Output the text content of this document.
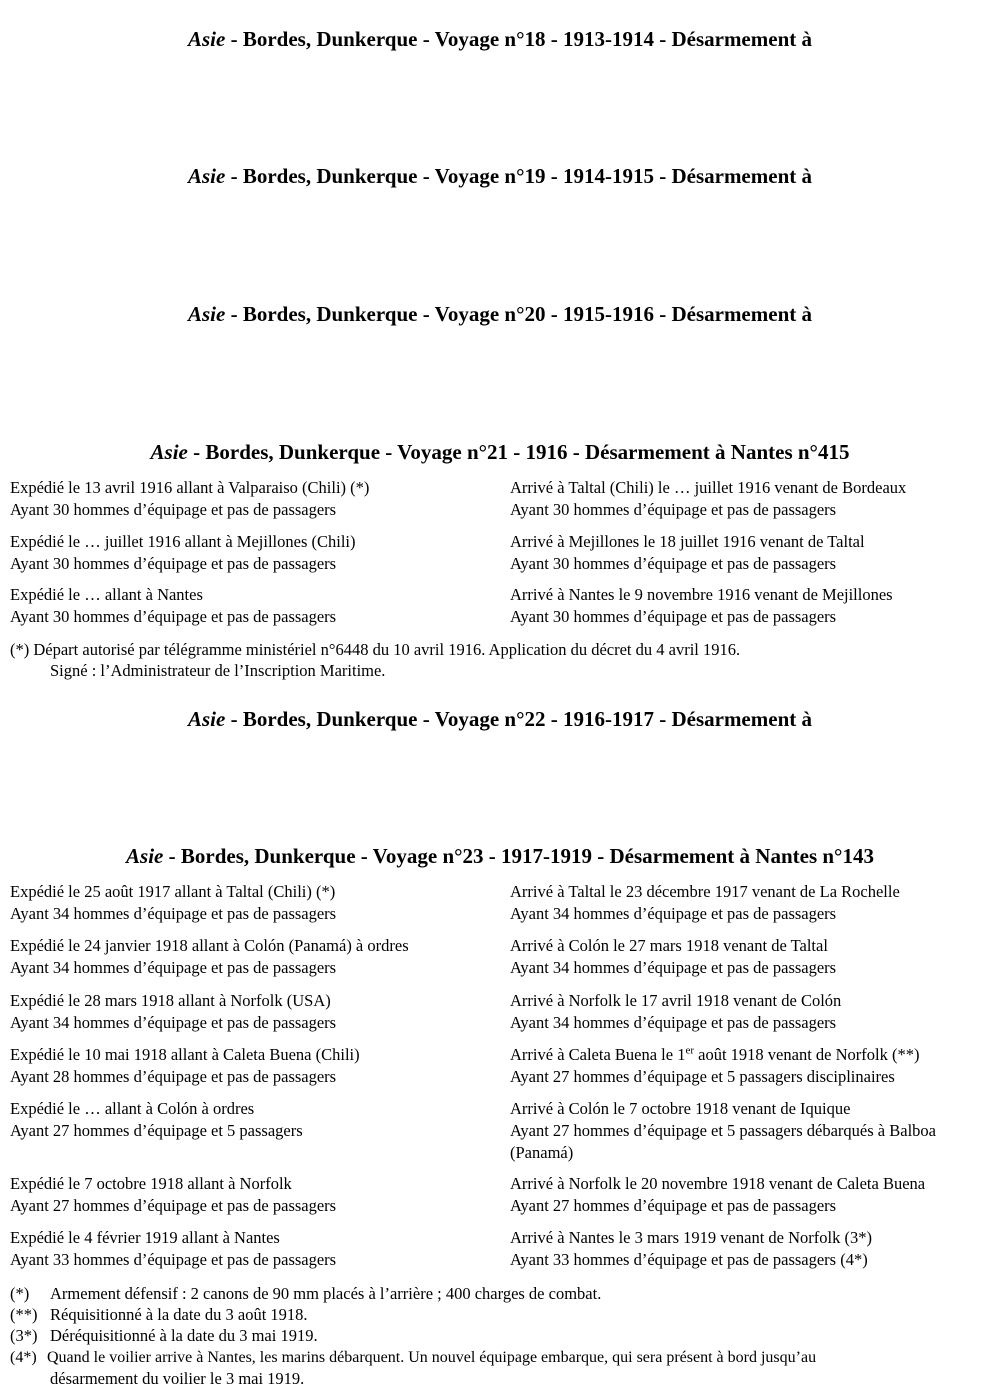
Asie - Bordes, Dunkerque - Voyage n°18 - 1913-1914 - Désarmement à
Asie - Bordes, Dunkerque - Voyage n°19 - 1914-1915 - Désarmement à
Asie - Bordes, Dunkerque - Voyage n°20 - 1915-1916 - Désarmement à
Asie - Bordes, Dunkerque - Voyage n°21 - 1916 - Désarmement à Nantes n°415
Expédié le 13 avril 1916 allant à Valparaiso (Chili) (*)
Ayant 30 hommes d’équipage et pas de passagers
Arrivé à Taltal (Chili) le … juillet 1916 venant de Bordeaux
Ayant 30 hommes d’équipage et pas de passagers
Expédié le … juillet 1916 allant à Mejillones (Chili)
Ayant 30 hommes d’équipage et pas de passagers
Arrivé à Mejillones le 18 juillet 1916 venant de Taltal
Ayant 30 hommes d’équipage et pas de passagers
Expédié le … allant à Nantes
Ayant 30 hommes d’équipage et pas de passagers
Arrivé à Nantes le 9 novembre 1916 venant de Mejillones
Ayant 30 hommes d’équipage et pas de passagers
(*) Départ autorisé par télégramme ministériel n°6448 du 10 avril 1916. Application du décret du 4 avril 1916.
Signé : l’Administrateur de l’Inscription Maritime.
Asie - Bordes, Dunkerque - Voyage n°22 - 1916-1917 - Désarmement à
Asie - Bordes, Dunkerque - Voyage n°23 - 1917-1919 - Désarmement à Nantes n°143
Expédié le 25 août 1917 allant à Taltal (Chili) (*)
Ayant 34 hommes d’équipage et pas de passagers
Arrivé à Taltal le 23 décembre 1917 venant de La Rochelle
Ayant 34 hommes d’équipage et pas de passagers
Expédié le 24 janvier 1918 allant à Colón (Panamá) à ordres
Ayant 34 hommes d’équipage et pas de passagers
Arrivé à Colón le 27 mars 1918 venant de Taltal
Ayant 34 hommes d’équipage et pas de passagers
Expédié le 28 mars 1918 allant à Norfolk (USA)
Ayant 34 hommes d’équipage et pas de passagers
Arrivé à Norfolk le 17 avril 1918 venant de Colón
Ayant 34 hommes d’équipage et pas de passagers
Expédié le 10 mai 1918 allant à Caleta Buena (Chili)
Ayant 28 hommes d’équipage et pas de passagers
Arrivé à Caleta Buena le 1er août 1918 venant de Norfolk (**)
Ayant 27 hommes d’équipage et 5 passagers disciplinaires
Expédié le … allant à Colón à ordres
Ayant 27 hommes d’équipage et 5 passagers
Arrivé à Colón le 7 octobre 1918 venant de Iquique
Ayant 27 hommes d’équipage et 5 passagers débarqués à Balboa
(Panamá)
Expédié le 7 octobre 1918 allant à Norfolk
Ayant 27 hommes d’équipage et pas de passagers
Arrivé à Norfolk le 20 novembre 1918 venant de Caleta Buena
Ayant 27 hommes d’équipage et pas de passagers
Expédié le 4 février 1919 allant à Nantes
Ayant 33 hommes d’équipage et pas de passagers
Arrivé à Nantes le 3 mars 1919 venant de Norfolk (3*)
Ayant 33 hommes d’équipage et pas de passagers (4*)
(*) Armement défensif : 2 canons de 90 mm placés à l’arrière ; 400 charges de combat.
(**) Réquisitionné à la date du 3 août 1918.
(3*) Déréquisitionné à la date du 3 mai 1919.
(4*) Quand le voilier arrive à Nantes, les marins débarquent. Un nouvel équipage embarque, qui sera présent à bord jusqu’au
désarmement du voilier le 3 mai 1919.
